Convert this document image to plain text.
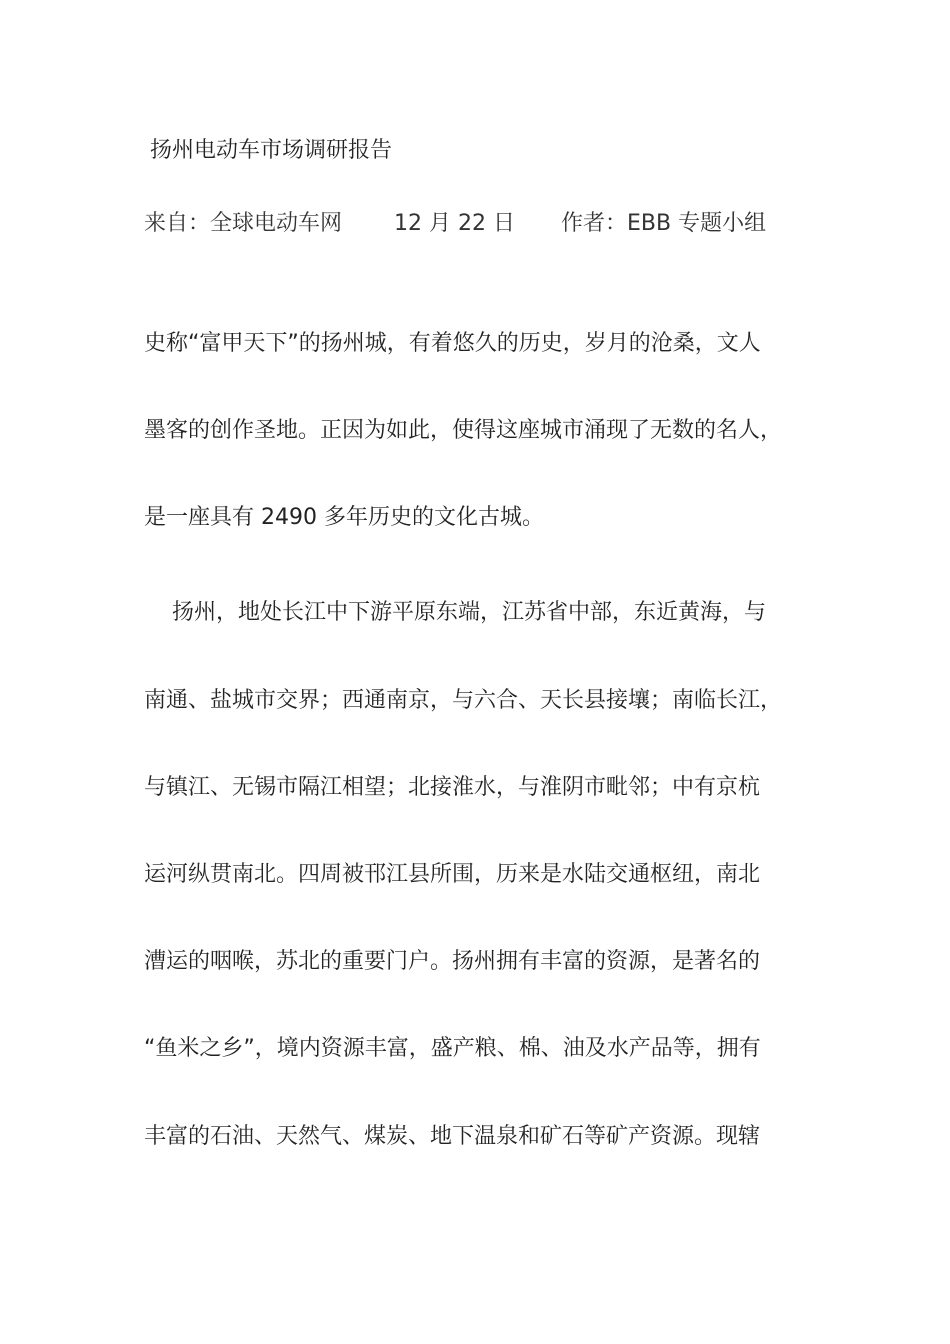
扬州电动车市场调研报告
来自：全球电动车网 12 月 22 日 作者：EBB 专题小组
史称“富甲天下”的扬州城，有着悠久的历史，岁月的沧桑，文人
墨客的创作圣地。正因为如此，使得这座城市涌现了无数的名人，
是一座具有 2490 多年历史的文化古城。
扬州，地处长江中下游平原东端，江苏省中部，东近黄海，与
南通、盐城市交界；西通南京，与六合、天长县接壤；南临长江，
与镇江、无锡市隔江相望；北接淮水，与淮阴市毗邻；中有京杭
运河纵贯南北。四周被邗江县所围，历来是水陆交通枢纽，南北
漕运的咽喉，苏北的重要门户。扬州拥有丰富的资源，是著名的
“鱼米之乡”，境内资源丰富，盛产粮、棉、油及水产品等，拥有
丰富的石油、天然气、煤炭、地下温泉和矿石等矿产资源。现辖
